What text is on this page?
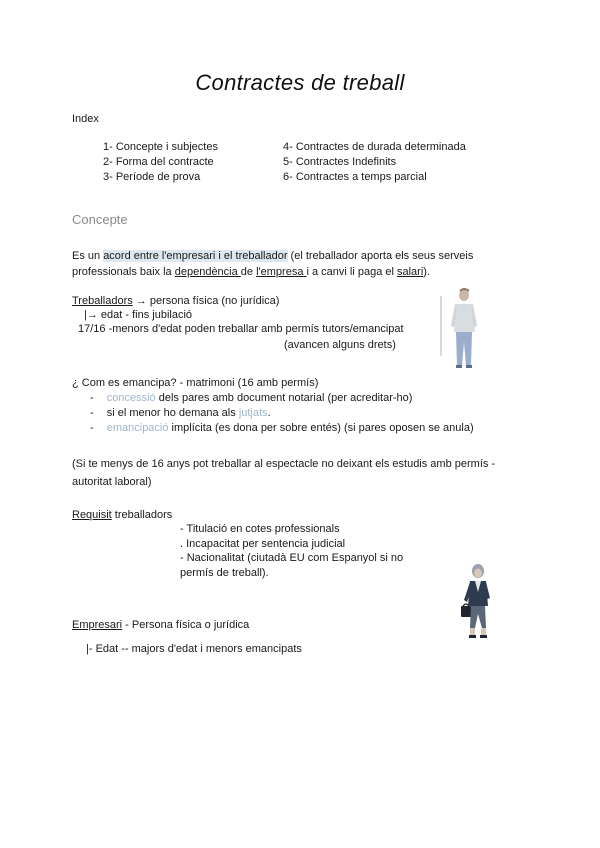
Contractes de treball
Index
1- Concepte i subjectes
2- Forma del contracte
3- Període de prova
4- Contractes de durada determinada
5- Contractes Indefinits
6- Contractes a temps parcial
Concepte
Es un acord entre l'empresari i el treballador (el treballador aporta els seus serveis
professionals baix la dependència de l'empresa i a canvi li paga el salari).
Treballadors → persona física (no jurídica)
|→ edat - fins jubilació
17/16 -menors d'edat poden treballar amb permís tutors/emancipat
(avancen alguns drets)
¿ Com es emancipa? - matrimoni (16 amb permís)
- concessió dels pares amb document notarial (per acreditar-ho)
- si el menor ho demana als jutjats.
- emancipació implícita (es dona per sobre entés) (si pares oposen se anula)
(Si te menys de 16 anys pot treballar al espectacle no deixant els estudis amb permís -
autoritat laboral)
Requisit treballadors
- Titulació en cotes professionals
. Incapacitat per sentencia judicial
- Nacionalitat (ciutadà EU com Espanyol si no
permís de treball).
Empresari - Persona física o jurídica
|- Edat -- majors d'edat i menors emancipats
